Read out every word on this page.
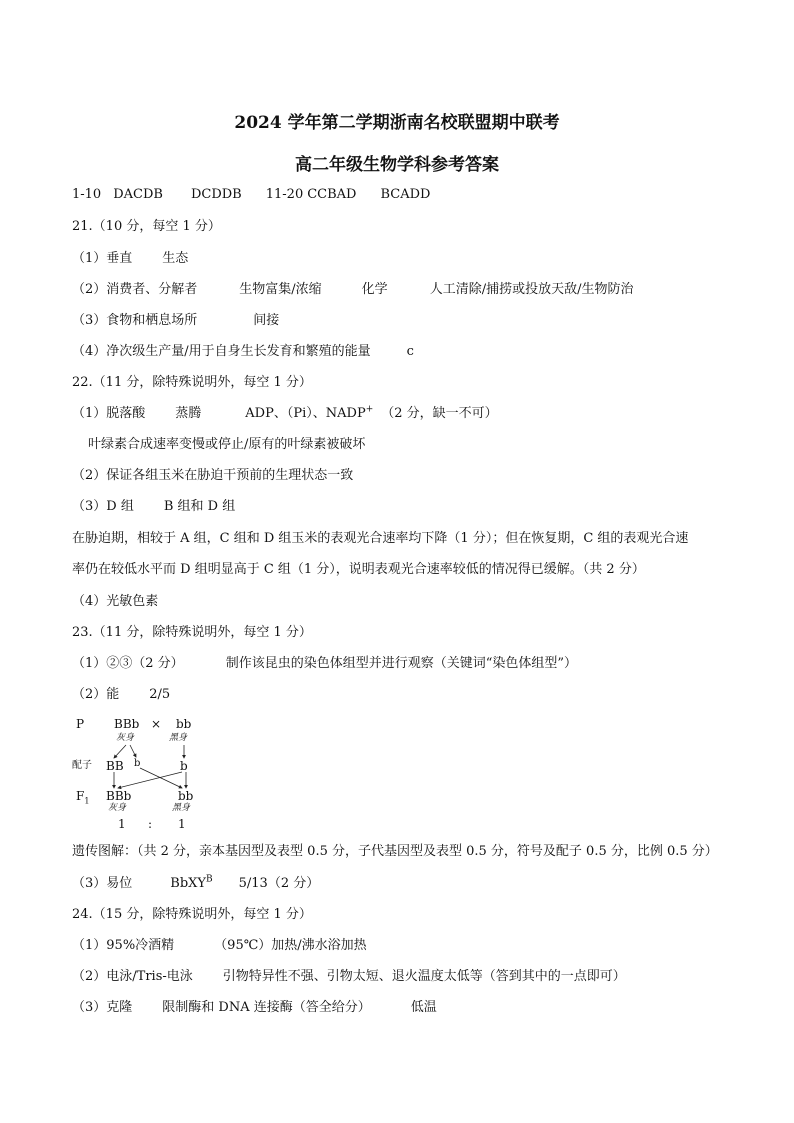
2024 学年第二学期浙南名校联盟期中联考
高二年级生物学科参考答案
1-10 DACDB DCDDB 11-20 CCBAD BCADD
21.（10 分，每空 1 分）
（1）垂直 生态
（2）消费者、分解者	生物富集/浓缩	化学	人工清除/捕捞或投放天敌/生物防治
（3）食物和栖息场所	间接
（4）净次级生产量/用于自身生长发育和繁殖的能量	c
22.（11 分，除特殊说明外，每空 1 分）
（1）脱落酸 蒸腾	ADP、（Pi）、NADP+ （2 分，缺一不可）
叶绿素合成速率变慢或停止/原有的叶绿素被破坏
（2）保证各组玉米在胁迫干预前的生理状态一致
（3）D 组 B 组和 D 组
在胁迫期，相较于 A 组，C 组和 D 组玉米的表观光合速率均下降（1 分）；但在恢复期，C 组的表观光合速
率仍在较低水平而 D 组明显高于 C 组（1 分），说明表观光合速率较低的情况得已缓解。（共 2 分）
（4）光敏色素
23.（11 分，除特殊说明外，每空 1 分）
（1）②③（2 分）	制作该昆虫的染色体组型并进行观察（关键词“染色体组型”）
（2）能 2/5
P BBb × bb
灰身	黑身
配子 BB b	b
$F_1$ BBb	bb
灰身	黑身
1 : 1
遗传图解：（共 2 分，亲本基因型及表型 0.5 分，子代基因型及表型 0.5 分，符号及配子 0.5 分，比例 0.5 分）
（3）易位	BbXY$^B$ 5/13（2 分）
24.（15 分，除特殊说明外，每空 1 分）
（1）95%冷酒精	（95℃）加热/沸水浴加热
（2）电泳/Tris-电泳 引物特异性不强、引物太短、退火温度太低等（答到其中的一点即可）
（3）克隆 限制酶和 DNA 连接酶（答全给分）	低温
